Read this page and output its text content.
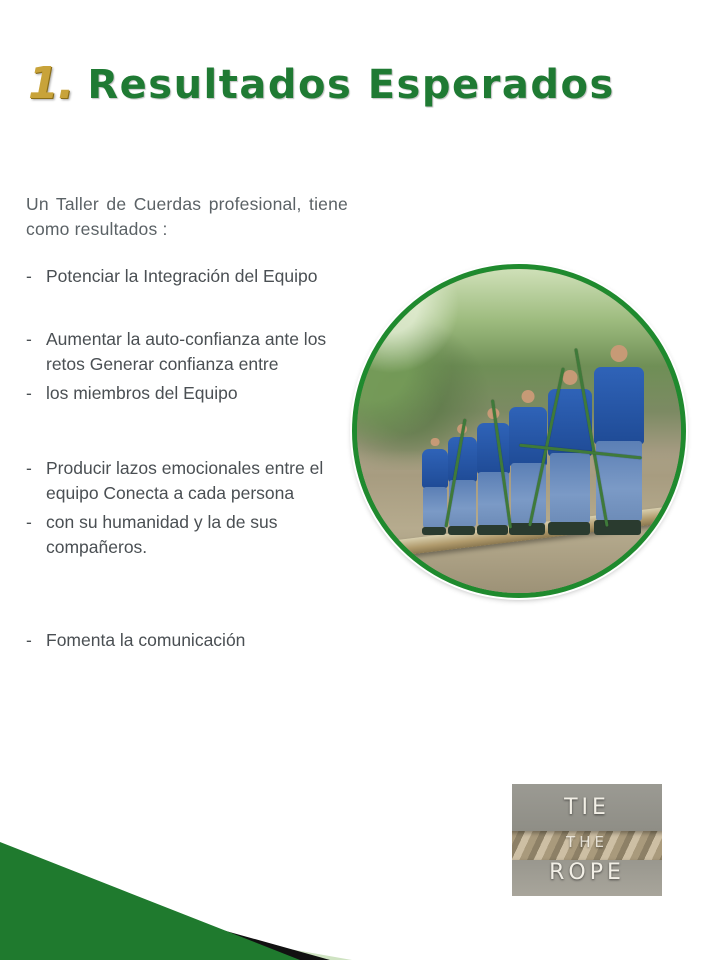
1. Resultados Esperados

Un Taller de Cuerdas profesional, tiene como resultados :

- Potenciar la Integración del Equipo
- Aumentar la auto-confianza ante los retos Generar confianza entre
- los miembros del Equipo
- Producir lazos emocionales entre el equipo Conecta a cada persona
- con su humanidad y la de sus compañeros.
- Fomenta la comunicación
TIE
THE
ROPE
